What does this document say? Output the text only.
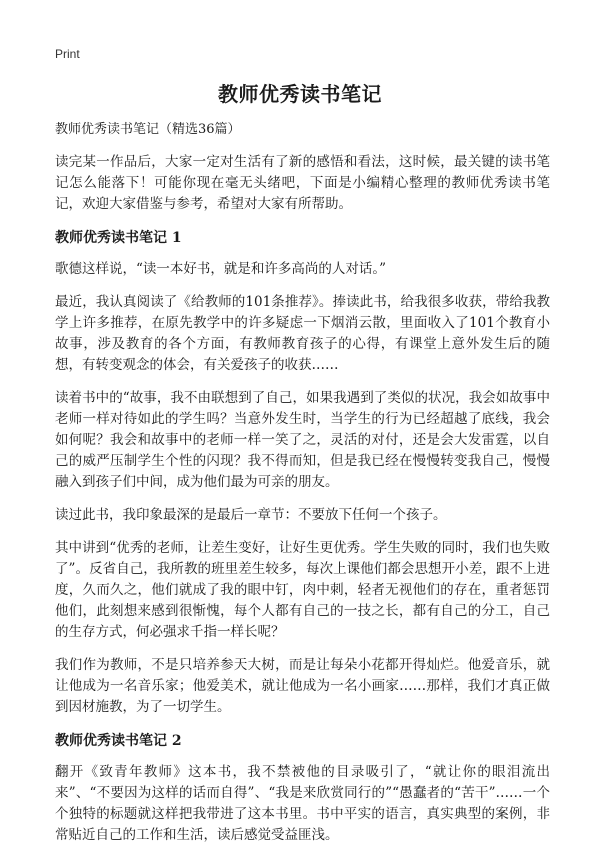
Print
教师优秀读书笔记

教师优秀读书笔记（精选36篇）

读完某一作品后，大家一定对生活有了新的感悟和看法，这时候，最关键的读书笔记怎么能落下！可能你现在毫无头绪吧，下面是小编精心整理的教师优秀读书笔记，欢迎大家借鉴与参考，希望对大家有所帮助。

教师优秀读书笔记 1

歌德这样说，“读一本好书，就是和许多高尚的人对话。”

最近，我认真阅读了《给教师的101条推荐》。捧读此书，给我很多收获，带给我教学上许多推荐，在原先教学中的许多疑虑一下烟消云散，里面收入了101个教育小故事，涉及教育的各个方面，有教师教育孩子的心得，有课堂上意外发生后的随想，有转变观念的体会，有关爱孩子的收获……

读着书中的“故事，我不由联想到了自己，如果我遇到了类似的状况，我会如故事中老师一样对待如此的学生吗？当意外发生时，当学生的行为已经超越了底线，我会如何呢？我会和故事中的老师一样一笑了之，灵活的对付，还是会大发雷霆，以自己的威严压制学生个性的闪现？我不得而知，但是我已经在慢慢转变我自己，慢慢融入到孩子们中间，成为他们最为可亲的朋友。

读过此书，我印象最深的是最后一章节：不要放下任何一个孩子。

其中讲到“优秀的老师，让差生变好，让好生更优秀。学生失败的同时，我们也失败了”。反省自己，我所教的班里差生较多，每次上课他们都会思想开小差，跟不上进度，久而久之，他们就成了我的眼中钉，肉中刺，轻者无视他们的存在，重者惩罚他们，此刻想来感到很惭愧，每个人都有自己的一技之长，都有自己的分工，自己的生存方式，何必强求千指一样长呢？

我们作为教师，不是只培养参天大树，而是让每朵小花都开得灿烂。他爱音乐，就让他成为一名音乐家；他爱美术，就让他成为一名小画家……那样，我们才真正做到因材施教，为了一切学生。

教师优秀读书笔记 2

翻开《致青年教师》这本书，我不禁被他的目录吸引了，“就让你的眼泪流出来”、“不要因为这样的话而自得”、“我是来欣赏同行的”“愚蠢者的“苦干”……一个个独特的标题就这样把我带进了这本书里。书中平实的语言，真实典型的案例，非常贴近自己的工作和生活，读后感觉受益匪浅。
